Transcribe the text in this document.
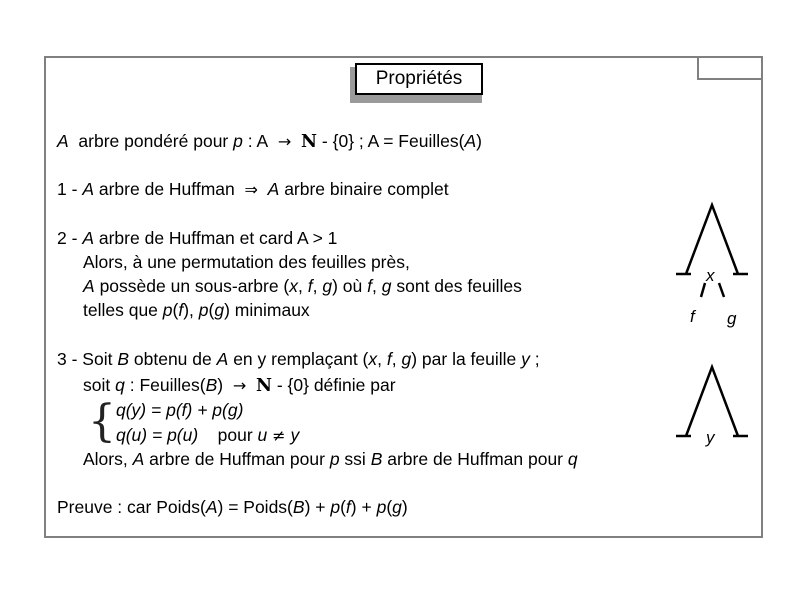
Propriétés
A arbre pondéré pour p : A → N - {0} ; A = Feuilles(A)
1 - A arbre de Huffman ⇒ A arbre binaire complet
2 - A arbre de Huffman et card A > 1
Alors, à une permutation des feuilles près,
A possède un sous-arbre (x, f, g) où f, g sont des feuilles
telles que p(f), p(g) minimaux
3 - Soit B obtenu de A en y remplaçant (x, f, g) par la feuille y ;
soit q : Feuilles(B) → N - {0} définie par
{ q(y) = p(f) + p(g)
q(u) = p(u) pour u ≠ y
Alors, A arbre de Huffman pour p ssi B arbre de Huffman pour q
Preuve : car Poids(A) = Poids(B) + p(f) + p(g)
x
f g
y
